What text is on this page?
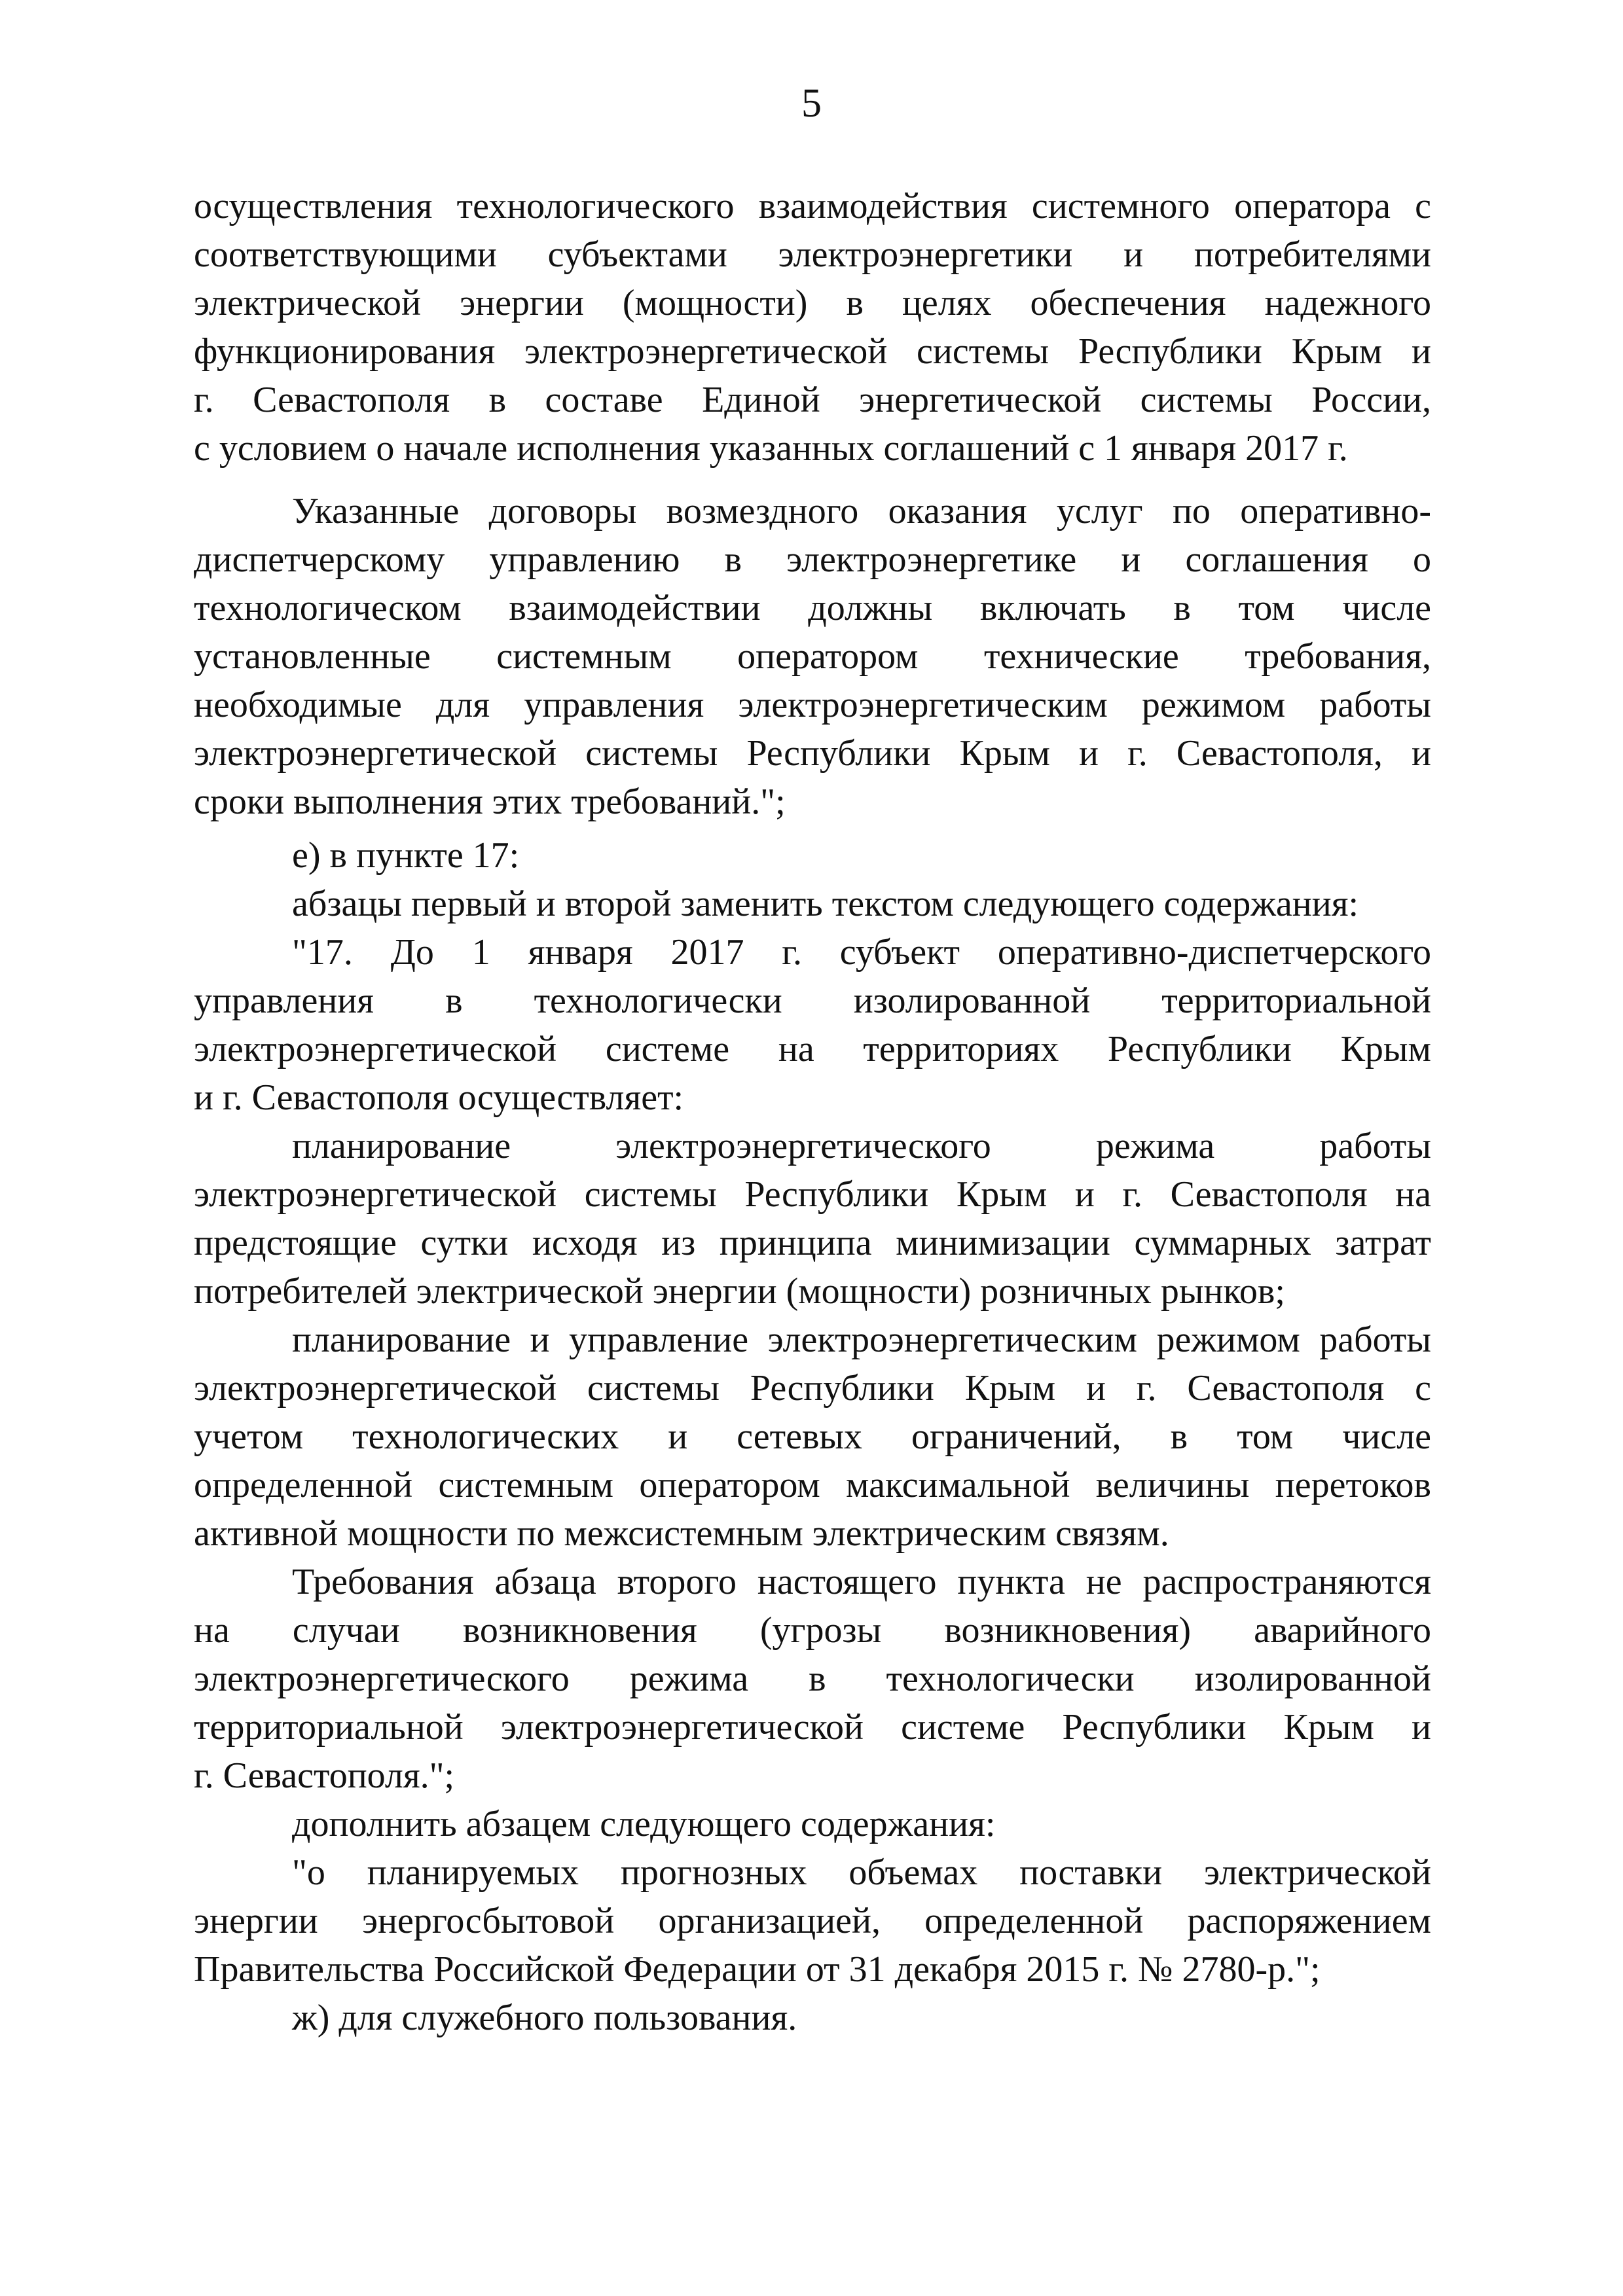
5
осуществления технологического взаимодействия системного оператора с
соответствующими субъектами электроэнергетики и потребителями
электрической энергии (мощности) в целях обеспечения надежного
функционирования электроэнергетической системы Республики Крым и
г. Севастополя в составе Единой энергетической системы России,
с условием о начале исполнения указанных соглашений с 1 января 2017 г.
Указанные договоры возмездного оказания услуг по оперативно-
диспетчерскому управлению в электроэнергетике и соглашения о
технологическом взаимодействии должны включать в том числе
установленные системным оператором технические требования,
необходимые для управления электроэнергетическим режимом работы
электроэнергетической системы Республики Крым и г. Севастополя, и
сроки выполнения этих требований.";
е) в пункте 17:
абзацы первый и второй заменить текстом следующего содержания:
"17. До 1 января 2017 г. субъект оперативно-диспетчерского
управления в технологически изолированной территориальной
электроэнергетической системе на территориях Республики Крым
и г. Севастополя осуществляет:
планирование электроэнергетического режима работы
электроэнергетической системы Республики Крым и г. Севастополя на
предстоящие сутки исходя из принципа минимизации суммарных затрат
потребителей электрической энергии (мощности) розничных рынков;
планирование и управление электроэнергетическим режимом работы
электроэнергетической системы Республики Крым и г. Севастополя с
учетом технологических и сетевых ограничений, в том числе
определенной системным оператором максимальной величины перетоков
активной мощности по межсистемным электрическим связям.
Требования абзаца второго настоящего пункта не распространяются
на случаи возникновения (угрозы возникновения) аварийного
электроэнергетического режима в технологически изолированной
территориальной электроэнергетической системе Республики Крым и
г. Севастополя.";
дополнить абзацем следующего содержания:
"о планируемых прогнозных объемах поставки электрической
энергии энергосбытовой организацией, определенной распоряжением
Правительства Российской Федерации от 31 декабря 2015 г. № 2780-р.";
ж) для служебного пользования.
